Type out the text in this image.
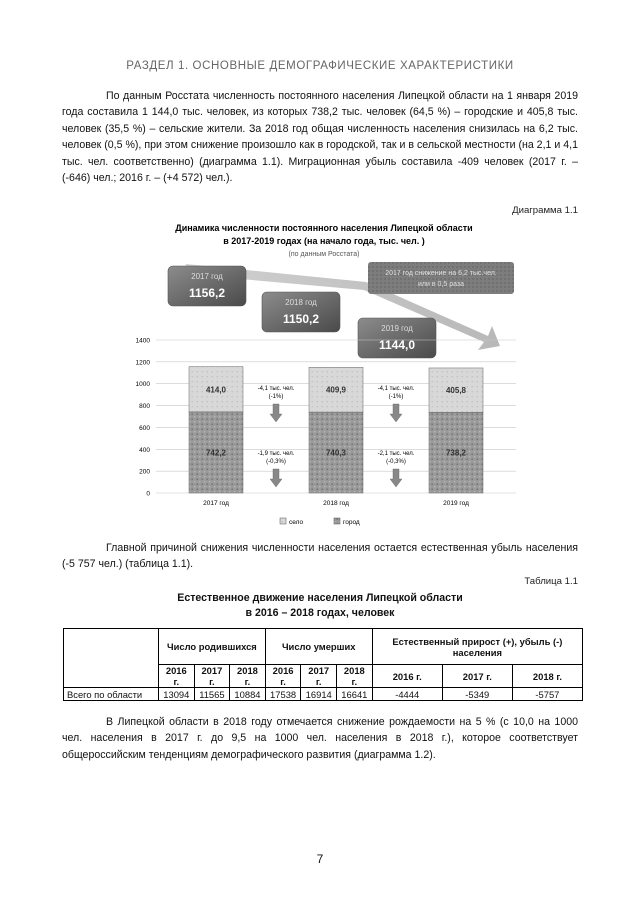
РАЗДЕЛ 1. ОСНОВНЫЕ ДЕМОГРАФИЧЕСКИЕ ХАРАКТЕРИСТИКИ
По данным Росстата численность постоянного населения Липецкой области на 1 января 2019 года составила 1 144,0 тыс. человек, из которых 738,2 тыс. человек (64,5 %) – городские и 405,8 тыс. человек (35,5 %) – сельские жители. За 2018 год общая численность населения снизилась на 6,2 тыс. человек (0,5 %), при этом снижение произошло как в городской, так и в сельской местности (на 2,1 и 4,1 тыс. чел. соответственно) (диаграмма 1.1). Миграционная убыль составила -409 человек (2017 г. – (-646) чел.; 2016 г. – (+4 572) чел.).
Диаграмма 1.1
Динамика численности постоянного населения Липецкой области
в 2017-2019 годах (на начало года, тыс. чел. )
(по данным Росстата)
2017 год снижение на 6,2 тыс.чел.
или в 0,5 раза
2017 год
1156,2
2018 год
1150,2
2019 год
1144,0
0
200
400
600
800
1000
1200
1400
742,2
414,0
740,3
409,9
738,2
405,8
-4,1 тыс. чел.
(-1%)
-1,9 тыс. чел.
(-0,3%)
-4,1 тыс. чел.
(-1%)
-2,1 тыс. чел.
(-0,3%)
2017 год	2018 год	2019 год
село	город
Главной причиной снижения численности населения остается естественная убыль населения (-5 757 чел.) (таблица 1.1).
Таблица 1.1
Естественное движение населения Липецкой области
в 2016 – 2018 годах, человек
	Число родившихся			Число умерших			Естественный прирост (+), убыль (-) населения		
	2016 г.	2017 г.	2018 г.	2016 г.	2017 г.	2018 г.	2016 г.	2017 г.	2018 г.
Всего по области	13094	11565	10884	17538	16914	16641	-4444	-5349	-5757
В Липецкой области в 2018 году отмечается снижение рождаемости на 5 % (с 10,0 на 1000 чел. населения в 2017 г. до 9,5 на 1000 чел. населения в 2018 г.), которое соответствует общероссийским тенденциям демографического развития (диаграмма 1.2).
7
